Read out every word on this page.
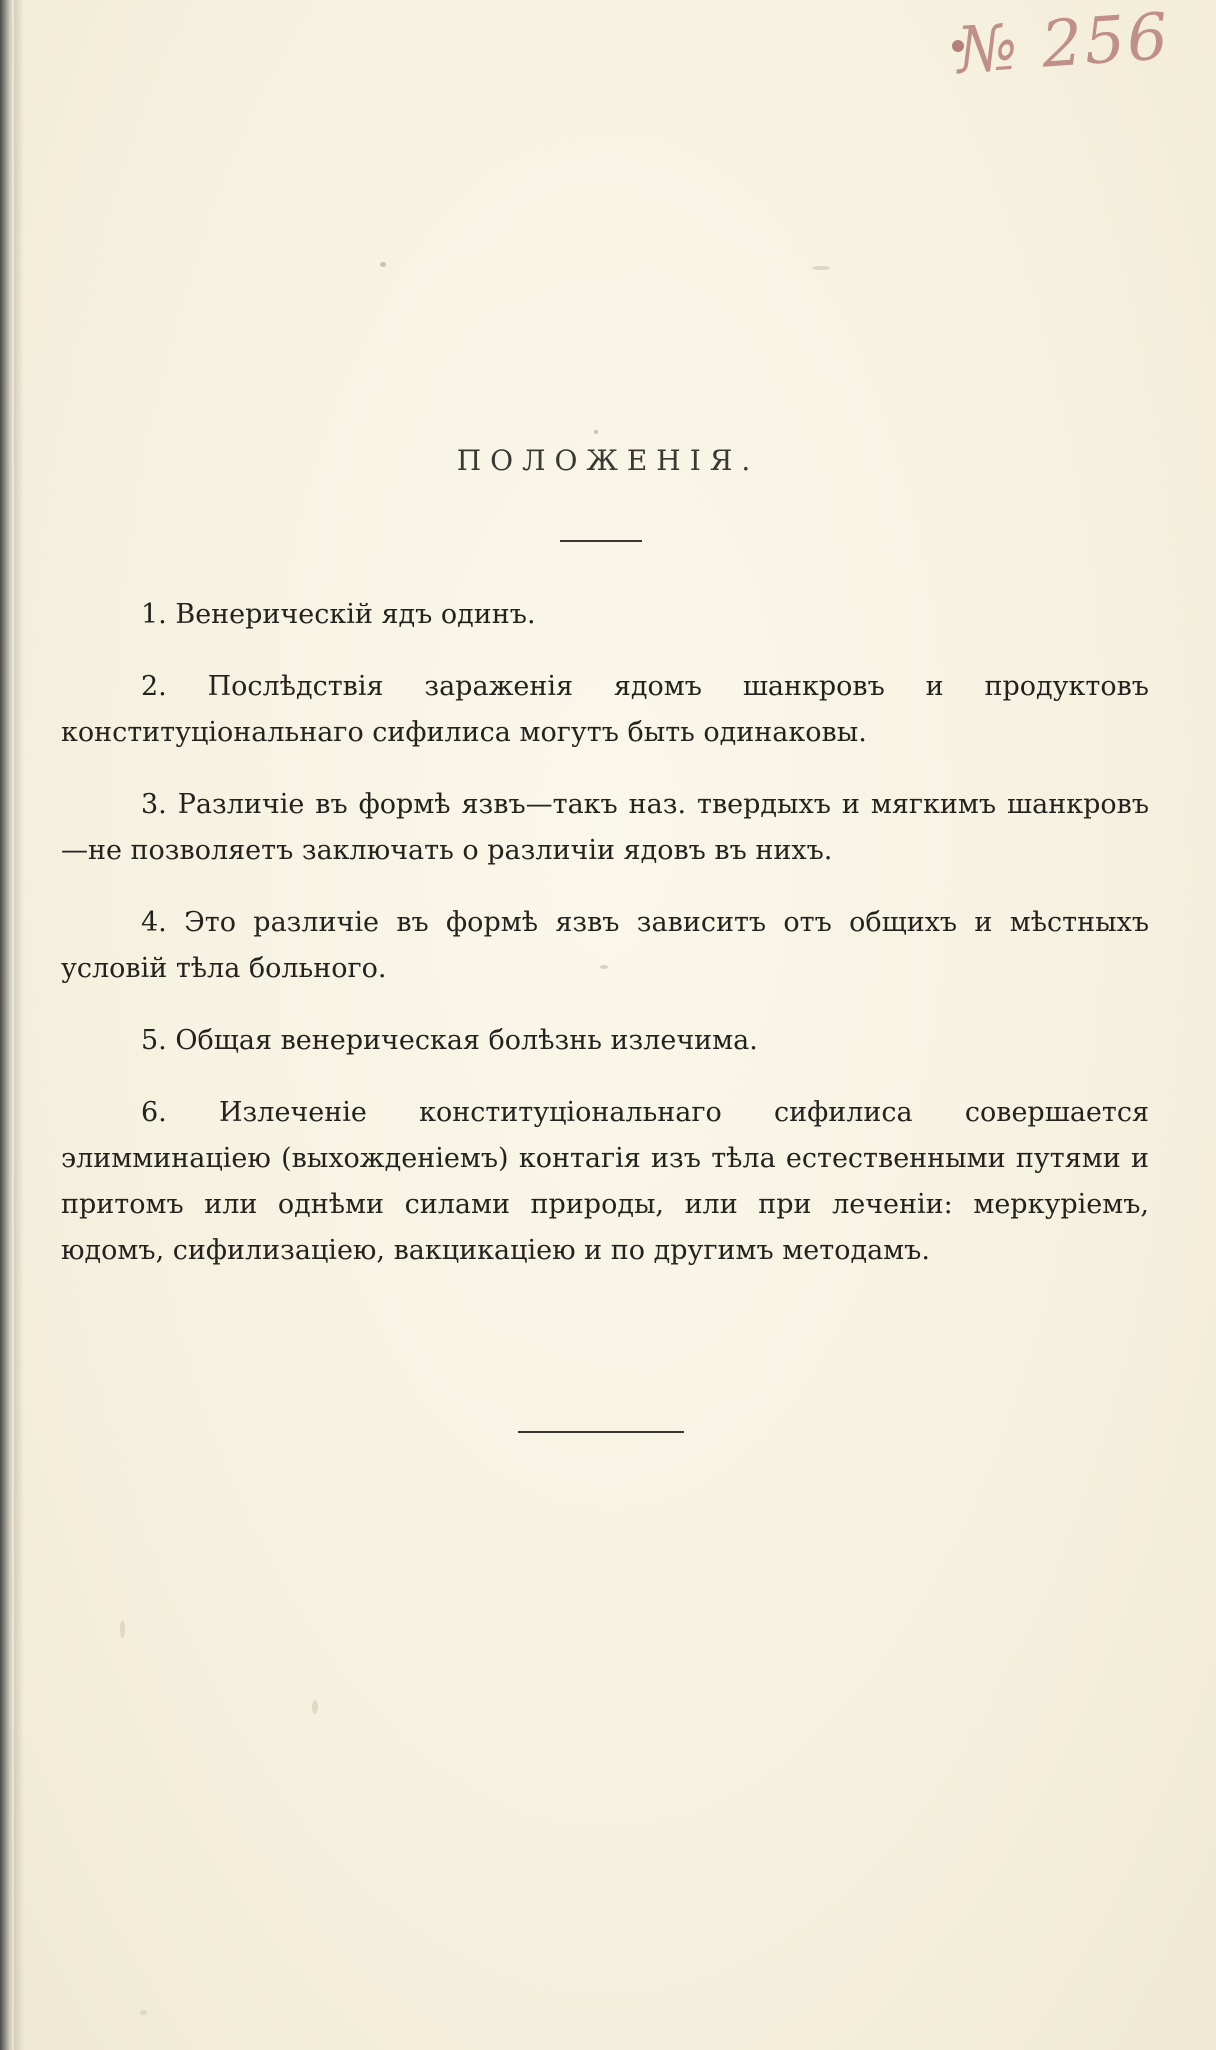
№ 256
ПОЛОЖЕНІЯ.

1. Венерическій ядъ одинъ.

2. Послѣдствія зараженія ядомъ шанкровъ и продуктовъ конституціональнаго сифилиса могутъ быть одинаковы.

3. Различіе въ формѣ язвъ—такъ наз. твердыхъ и мягкимъ шанкровъ—не позволяетъ заключать о различіи ядовъ въ нихъ.

4. Это различіе въ формѣ язвъ зависитъ отъ общихъ и мѣстныхъ условій тѣла больного.

5. Общая венерическая болѣзнь излечима.

6. Излеченіе конституціональнаго сифилиса совершается элимминаціею (выхожденіемъ) контагія изъ тѣла естественными путями и притомъ или однѣми силами природы, или при леченіи: меркуріемъ, юдомъ, сифилизаціею, вакцикаціею и по другимъ методамъ.
